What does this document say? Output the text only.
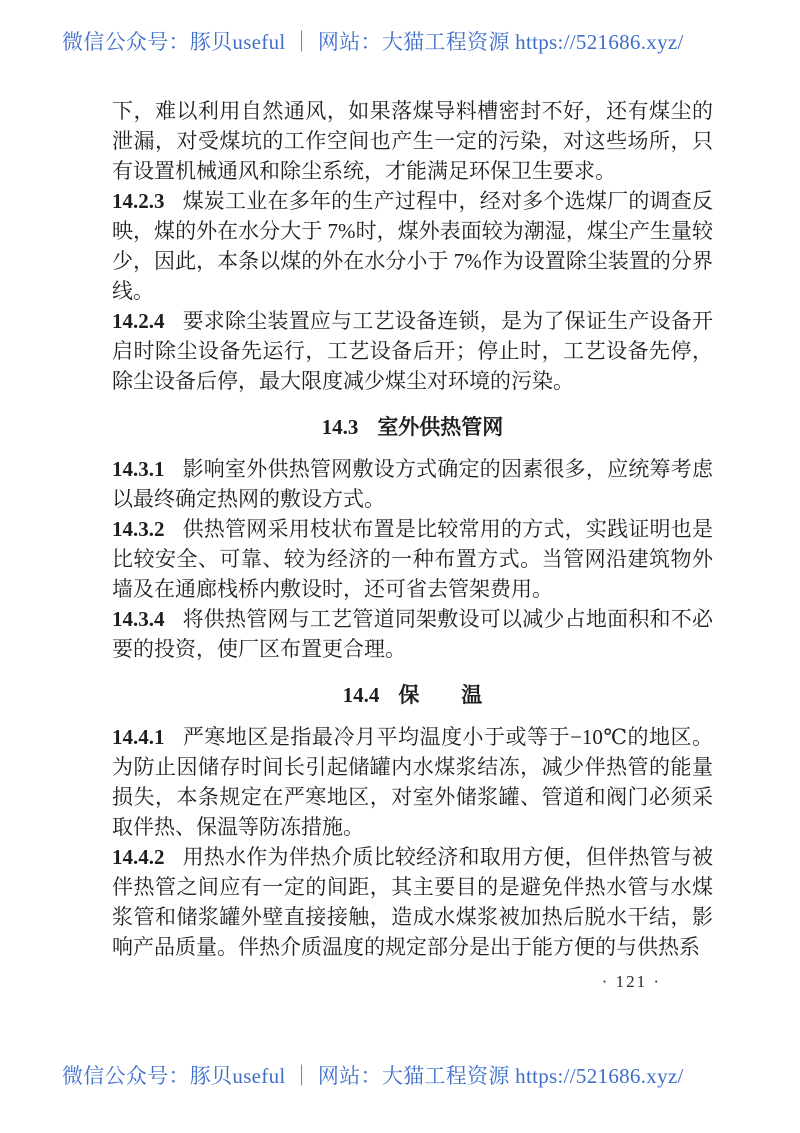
微信公众号：豚贝useful ｜ 网站：大猫工程资源 https://521686.xyz/

下，难以利用自然通风，如果落煤导料槽密封不好，还有煤尘的泄漏，对受煤坑的工作空间也产生一定的污染，对这些场所，只有设置机械通风和除尘系统，才能满足环保卫生要求。

14.2.3 煤炭工业在多年的生产过程中，经对多个选煤厂的调查反映，煤的外在水分大于 7%时，煤外表面较为潮湿，煤尘产生量较少，因此，本条以煤的外在水分小于 7%作为设置除尘装置的分界线。

14.2.4 要求除尘装置应与工艺设备连锁，是为了保证生产设备开启时除尘设备先运行，工艺设备后开；停止时，工艺设备先停，除尘设备后停，最大限度减少煤尘对环境的污染。

14.3 室外供热管网

14.3.1 影响室外供热管网敷设方式确定的因素很多，应统筹考虑以最终确定热网的敷设方式。

14.3.2 供热管网采用枝状布置是比较常用的方式，实践证明也是比较安全、可靠、较为经济的一种布置方式。当管网沿建筑物外墙及在通廊栈桥内敷设时，还可省去管架费用。

14.3.4 将供热管网与工艺管道同架敷设可以减少占地面积和不必要的投资，使厂区布置更合理。

14.4 保　　温

14.4.1 严寒地区是指最冷月平均温度小于或等于−10℃的地区。为防止因储存时间长引起储罐内水煤浆结冻，减少伴热管的能量损失，本条规定在严寒地区，对室外储浆罐、管道和阀门必须采取伴热、保温等防冻措施。

14.4.2 用热水作为伴热介质比较经济和取用方便，但伴热管与被伴热管之间应有一定的间距，其主要目的是避免伴热水管与水煤浆管和储浆罐外壁直接接触，造成水煤浆被加热后脱水干结，影响产品质量。伴热介质温度的规定部分是出于能方便的与供热系

· 121 ·
微信公众号：豚贝useful ｜ 网站：大猫工程资源 https://521686.xyz/
